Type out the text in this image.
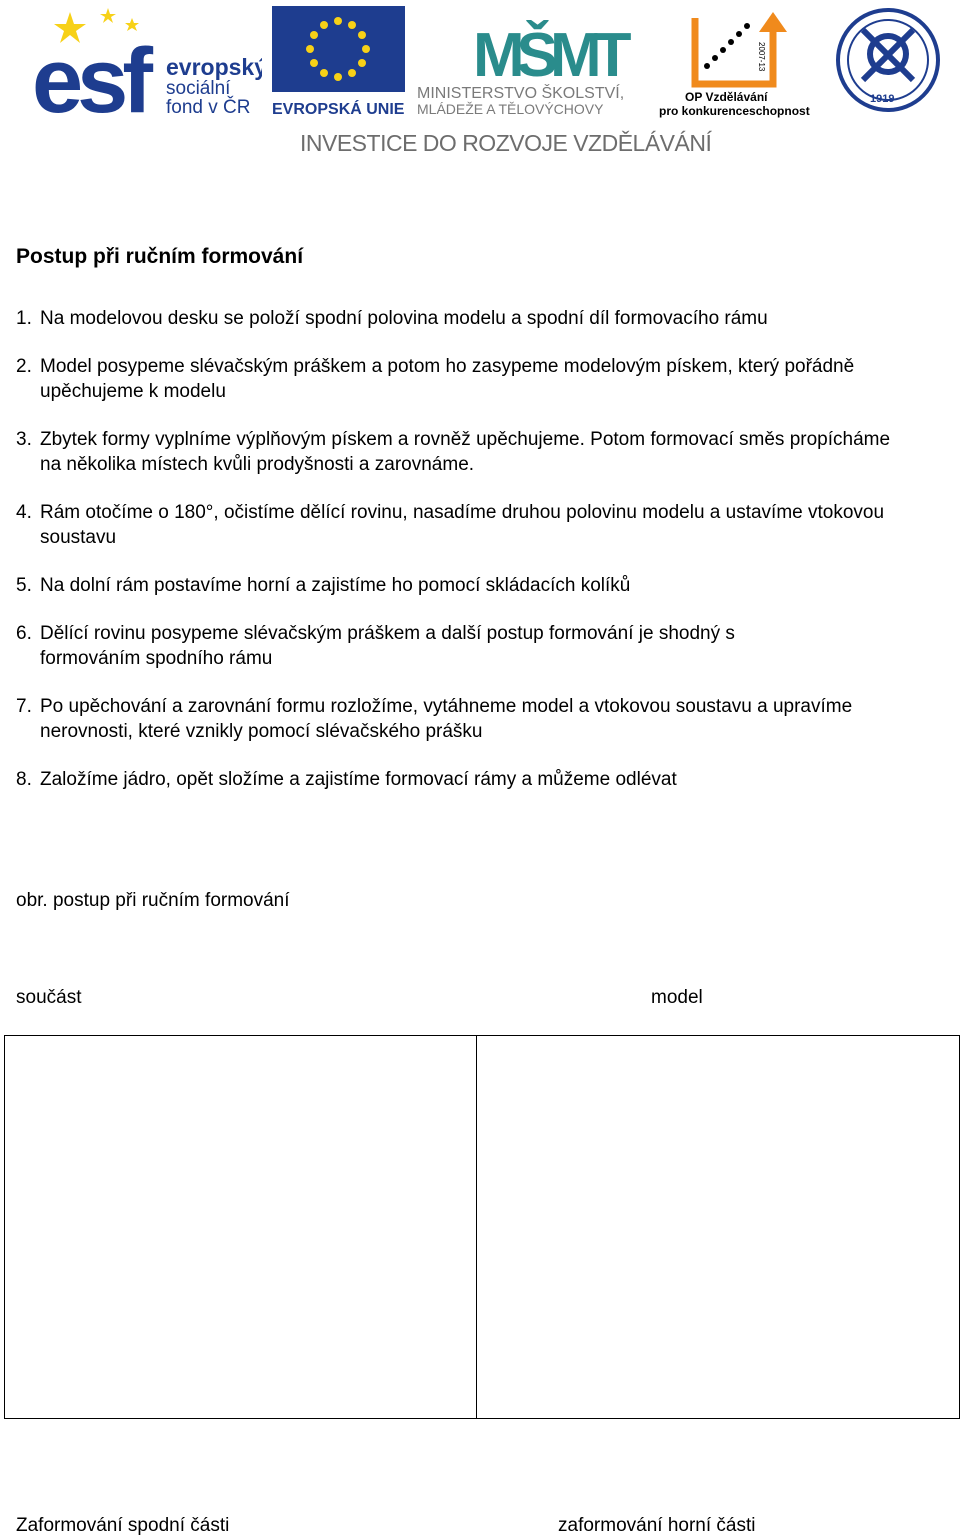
esf evropský
sociální
fond v ČR EVROPSKÁ UNIE
MŠMT
MINISTERSTVO ŠKOLSTVÍ,
MLÁDEŽE A TĚLOVÝCHOVY
2007-13
OP Vzdělávání
pro konkurenceschopnost
1919
INVESTICE DO ROZVOJE VZDĚLÁVÁNÍ
Postup při ručním formování
1. Na modelovou desku se položí spodní polovina modelu a spodní díl formovacího rámu
2. Model posypeme slévačským práškem a potom ho zasypeme modelovým pískem, který pořádně upěchujeme k modelu
3. Zbytek formy vyplníme výplňovým pískem a rovněž upěchujeme. Potom formovací směs propícháme na několika místech kvůli prodyšnosti a zarovnáme.
4. Rám otočíme o 180°, očistíme dělící rovinu, nasadíme druhou polovinu modelu a ustavíme vtokovou soustavu
5. Na dolní rám postavíme horní a zajistíme ho pomocí skládacích kolíků
6. Dělící rovinu posypeme slévačským práškem a další postup formování je shodný s formováním spodního rámu
7. Po upěchování a zarovnání formu rozložíme, vytáhneme model a vtokovou soustavu a upravíme nerovnosti, které vznikly pomocí slévačského prášku
8. Založíme jádro, opět složíme a zajistíme formovací rámy a můžeme odlévat
obr. postup při ručním formování
součást	model
Zaformování spodní části	zaformování horní části
